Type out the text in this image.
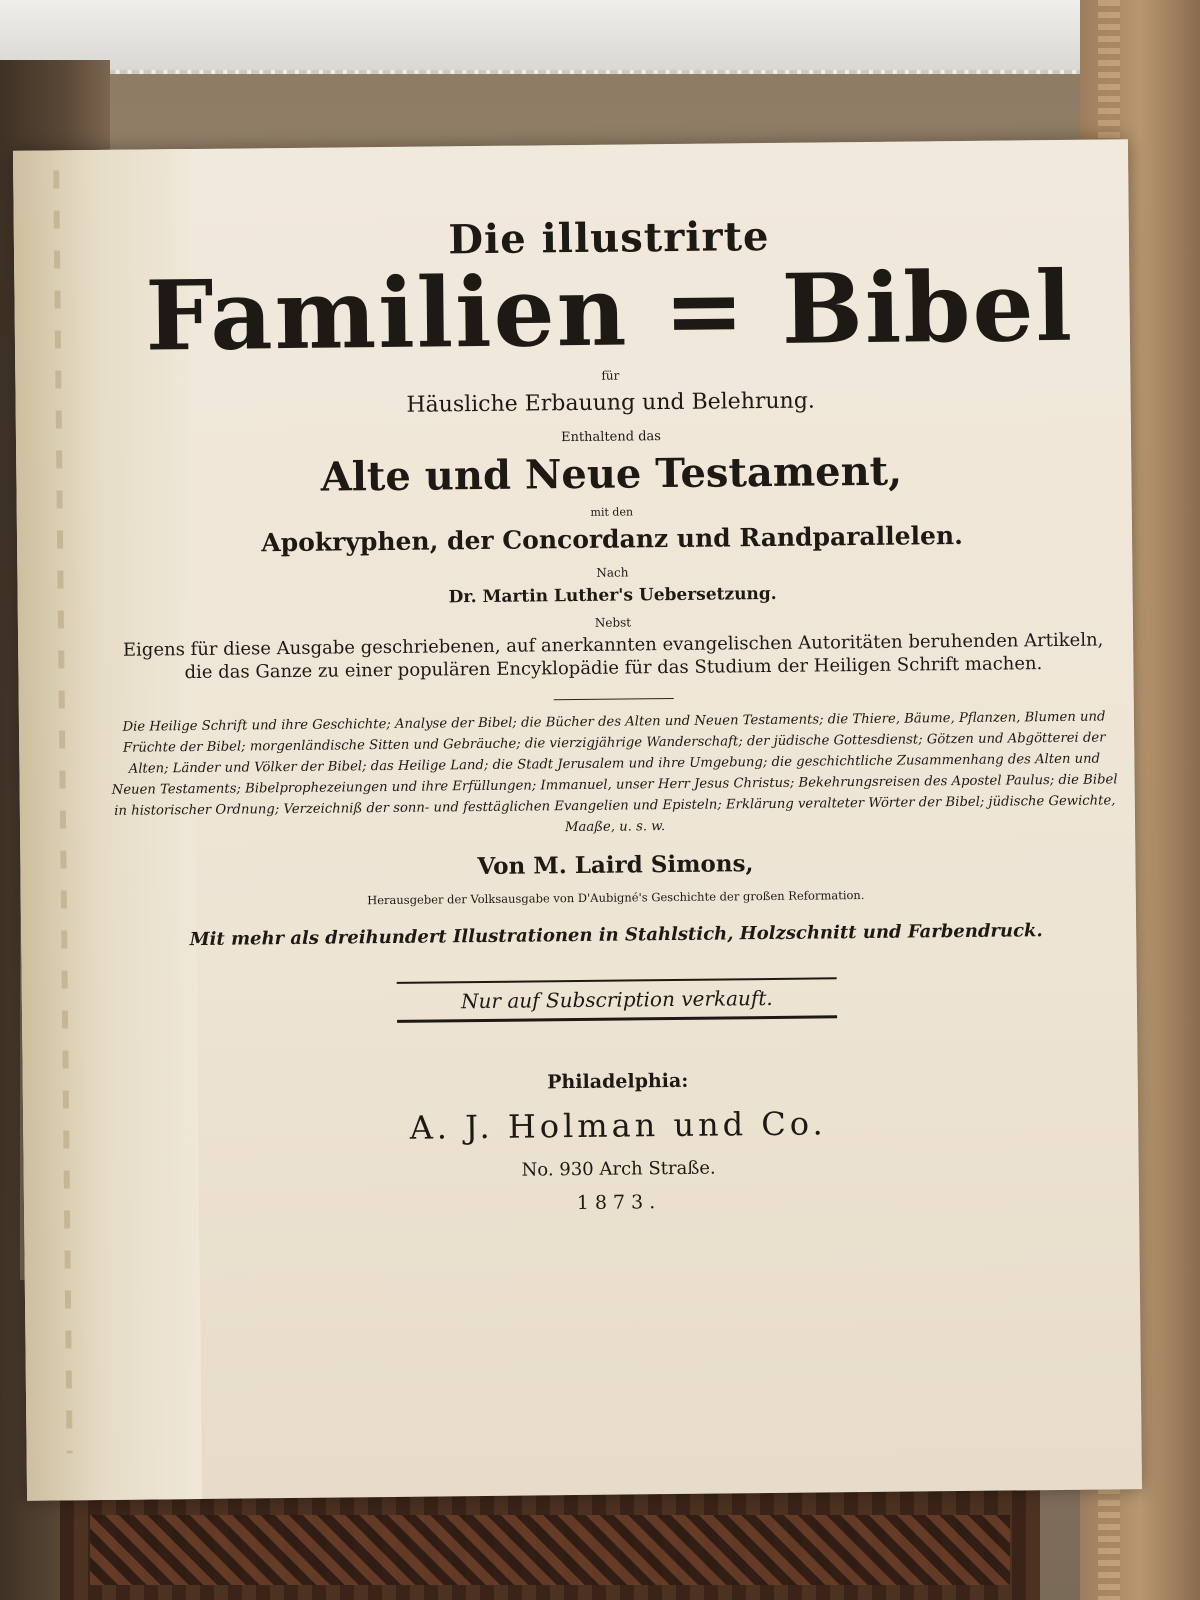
Die illustrirte
Familien = Bibel
für
Häusliche Erbauung und Belehrung.
Enthaltend das
Alte und Neue Testament,
mit den
Apokryphen, der Concordanz und Randparallelen.
Nach
Dr. Martin Luther's Uebersetzung.
Nebst
Eigens für diese Ausgabe geschriebenen, auf anerkannten evangelischen Autoritäten beruhenden Artikeln, die das Ganze zu einer populären Encyklopädie für das Studium der Heiligen Schrift machen.
Die Heilige Schrift und ihre Geschichte; Analyse der Bibel; die Bücher des Alten und Neuen Testaments; die Thiere, Bäume, Pflanzen, Blumen und Früchte der Bibel; morgenländische Sitten und Gebräuche; die vierzigjährige Wanderschaft; der jüdische Gottesdienst; Götzen und Abgötterei der Alten; Länder und Völker der Bibel; das Heilige Land; die Stadt Jerusalem und ihre Umgebung; die geschichtliche Zusammenhang des Alten und Neuen Testaments; Bibelprophezeiungen und ihre Erfüllungen; Immanuel, unser Herr Jesus Christus; Bekehrungsreisen des Apostel Paulus; die Bibel in historischer Ordnung; Verzeichniß der sonn- und festtäglichen Evangelien und Episteln; Erklärung veralteter Wörter der Bibel; jüdische Gewichte, Maaße, u. s. w.
Von M. Laird Simons,
Herausgeber der Volksausgabe von D'Aubigné's Geschichte der großen Reformation.
Mit mehr als dreihundert Illustrationen in Stahlstich, Holzschnitt und Farbendruck.
Nur auf Subscription verkauft.
Philadelphia:
A. J. Holman und Co.
No. 930 Arch Straße.
1873.
